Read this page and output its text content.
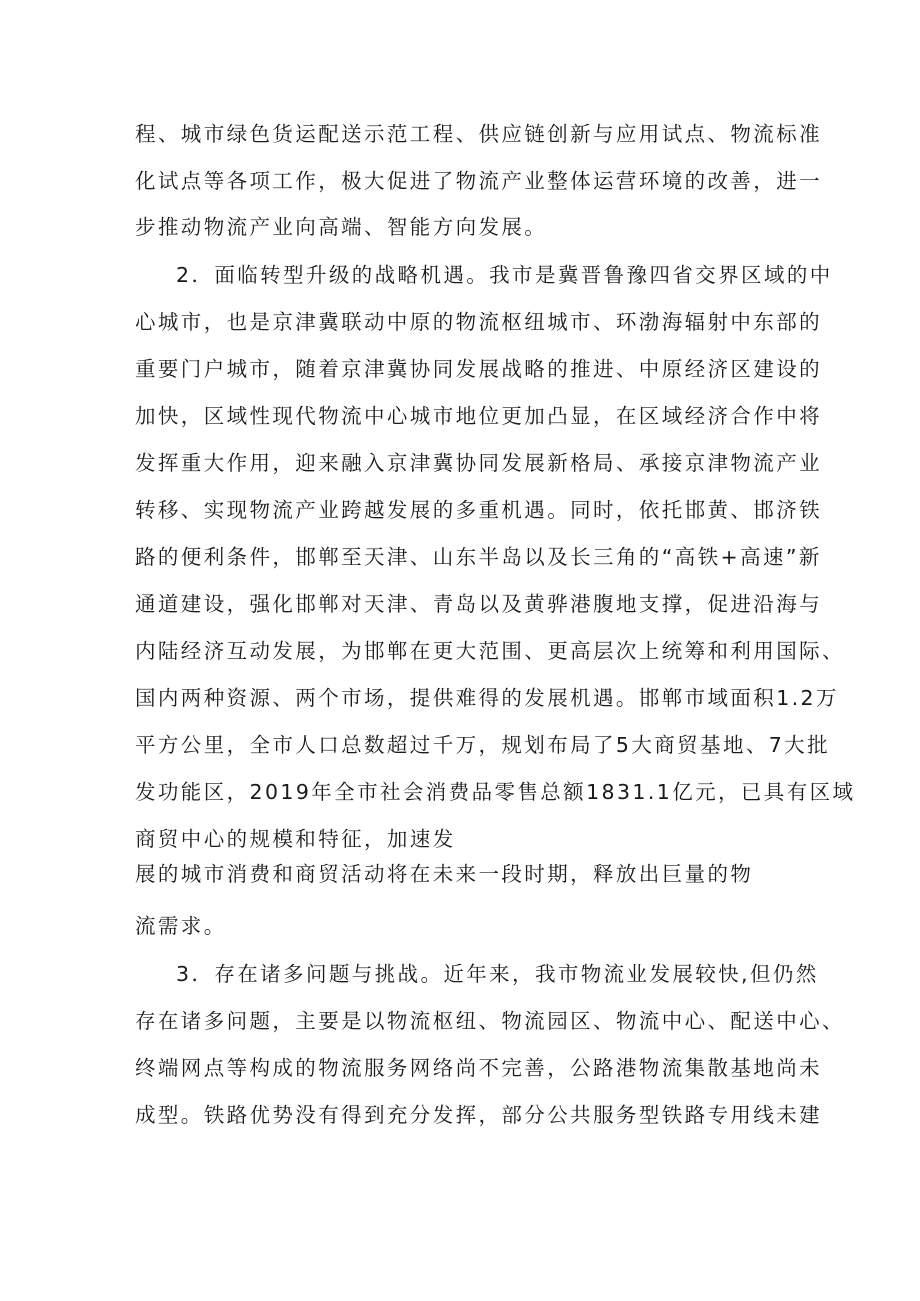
程、城市绿色货运配送示范工程、供应链创新与应用试点、物流标准
化试点等各项工作，极大促进了物流产业整体运营环境的改善，进一
步推动物流产业向高端、智能方向发展。
2．面临转型升级的战略机遇。我市是冀晋鲁豫四省交界区域的中
心城市，也是京津冀联动中原的物流枢纽城市、环渤海辐射中东部的
重要门户城市，随着京津冀协同发展战略的推进、中原经济区建设的
加快，区域性现代物流中心城市地位更加凸显，在区域经济合作中将
发挥重大作用，迎来融入京津冀协同发展新格局、承接京津物流产业
转移、实现物流产业跨越发展的多重机遇。同时，依托邯黄、邯济铁
路的便利条件，邯郸至天津、山东半岛以及长三角的“高铁+高速”新
通道建设，强化邯郸对天津、青岛以及黄骅港腹地支撑，促进沿海与
内陆经济互动发展，为邯郸在更大范围、更高层次上统筹和利用国际、
国内两种资源、两个市场，提供难得的发展机遇。邯郸市域面积1.2万
平方公里，全市人口总数超过千万，规划布局了5大商贸基地、7大批
发功能区，2019年全市社会消费品零售总额1831.1亿元，已具有区域
商贸中心的规模和特征，加速发
展的城市消费和商贸活动将在未来一段时期，释放出巨量的物
流需求。
3．存在诸多问题与挑战。近年来，我市物流业发展较快,但仍然
存在诸多问题，主要是以物流枢纽、物流园区、物流中心、配送中心、
终端网点等构成的物流服务网络尚不完善，公路港物流集散基地尚未
成型。铁路优势没有得到充分发挥，部分公共服务型铁路专用线未建
